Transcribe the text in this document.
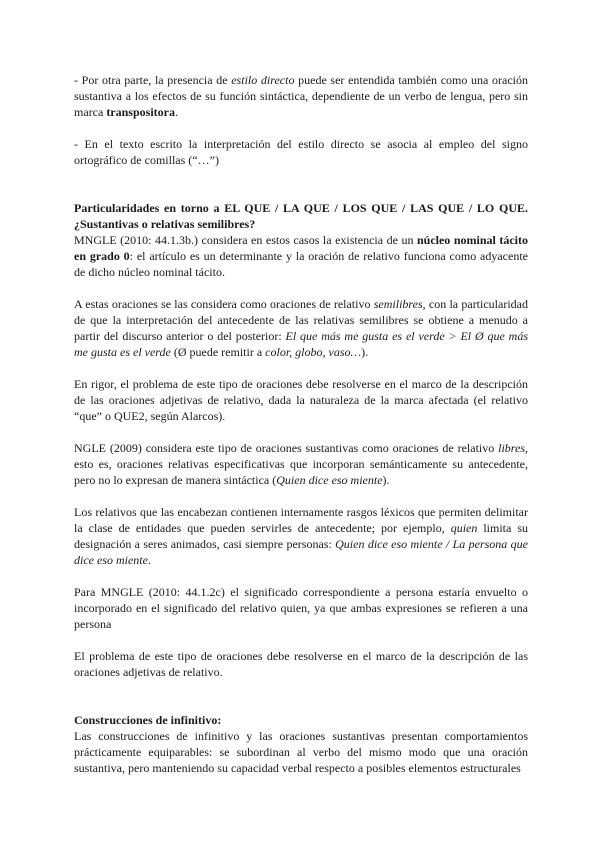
- Por otra parte, la presencia de estilo directo puede ser entendida también como una oración sustantiva a los efectos de su función sintáctica, dependiente de un verbo de lengua, pero sin marca transpositora.

- En el texto escrito la interpretación del estilo directo se asocia al empleo del signo ortográfico de comillas (“…”)

Particularidades en torno a EL QUE / LA QUE / LOS QUE / LAS QUE / LO QUE. ¿Sustantivas o relativas semilibres?

MNGLE (2010: 44.1.3b.) considera en estos casos la existencia de un núcleo nominal tácito en grado 0: el artículo es un determinante y la oración de relativo funciona como adyacente de dicho núcleo nominal tácito.

A estas oraciones se las considera como oraciones de relativo semilibres, con la particularidad de que la interpretación del antecedente de las relativas semilibres se obtiene a menudo a partir del discurso anterior o del posterior: El que más me gusta es el verde > El Ø que más me gusta es el verde (Ø puede remitir a color, globo, vaso…).

En rigor, el problema de este tipo de oraciones debe resolverse en el marco de la descripción de las oraciones adjetivas de relativo, dada la naturaleza de la marca afectada (el relativo “que” o QUE2, según Alarcos).

NGLE (2009) considera este tipo de oraciones sustantivas como oraciones de relativo libres, esto es, oraciones relativas especificativas que incorporan semánticamente su antecedente, pero no lo expresan de manera sintáctica (Quien dice eso miente).

Los relativos que las encabezan contienen internamente rasgos léxicos que permiten delimitar la clase de entidades que pueden servirles de antecedente; por ejemplo, quien limita su designación a seres animados, casi siempre personas: Quien dice eso miente / La persona que dice eso miente.

Para MNGLE (2010: 44.1.2c) el significado correspondiente a persona estaría envuelto o incorporado en el significado del relativo quien, ya que ambas expresiones se refieren a una persona

El problema de este tipo de oraciones debe resolverse en el marco de la descripción de las oraciones adjetivas de relativo.

Construcciones de infinitivo:

Las construcciones de infinitivo y las oraciones sustantivas presentan comportamientos prácticamente equiparables: se subordinan al verbo del mismo modo que una oración sustantiva, pero manteniendo su capacidad verbal respecto a posibles elementos estructurales
